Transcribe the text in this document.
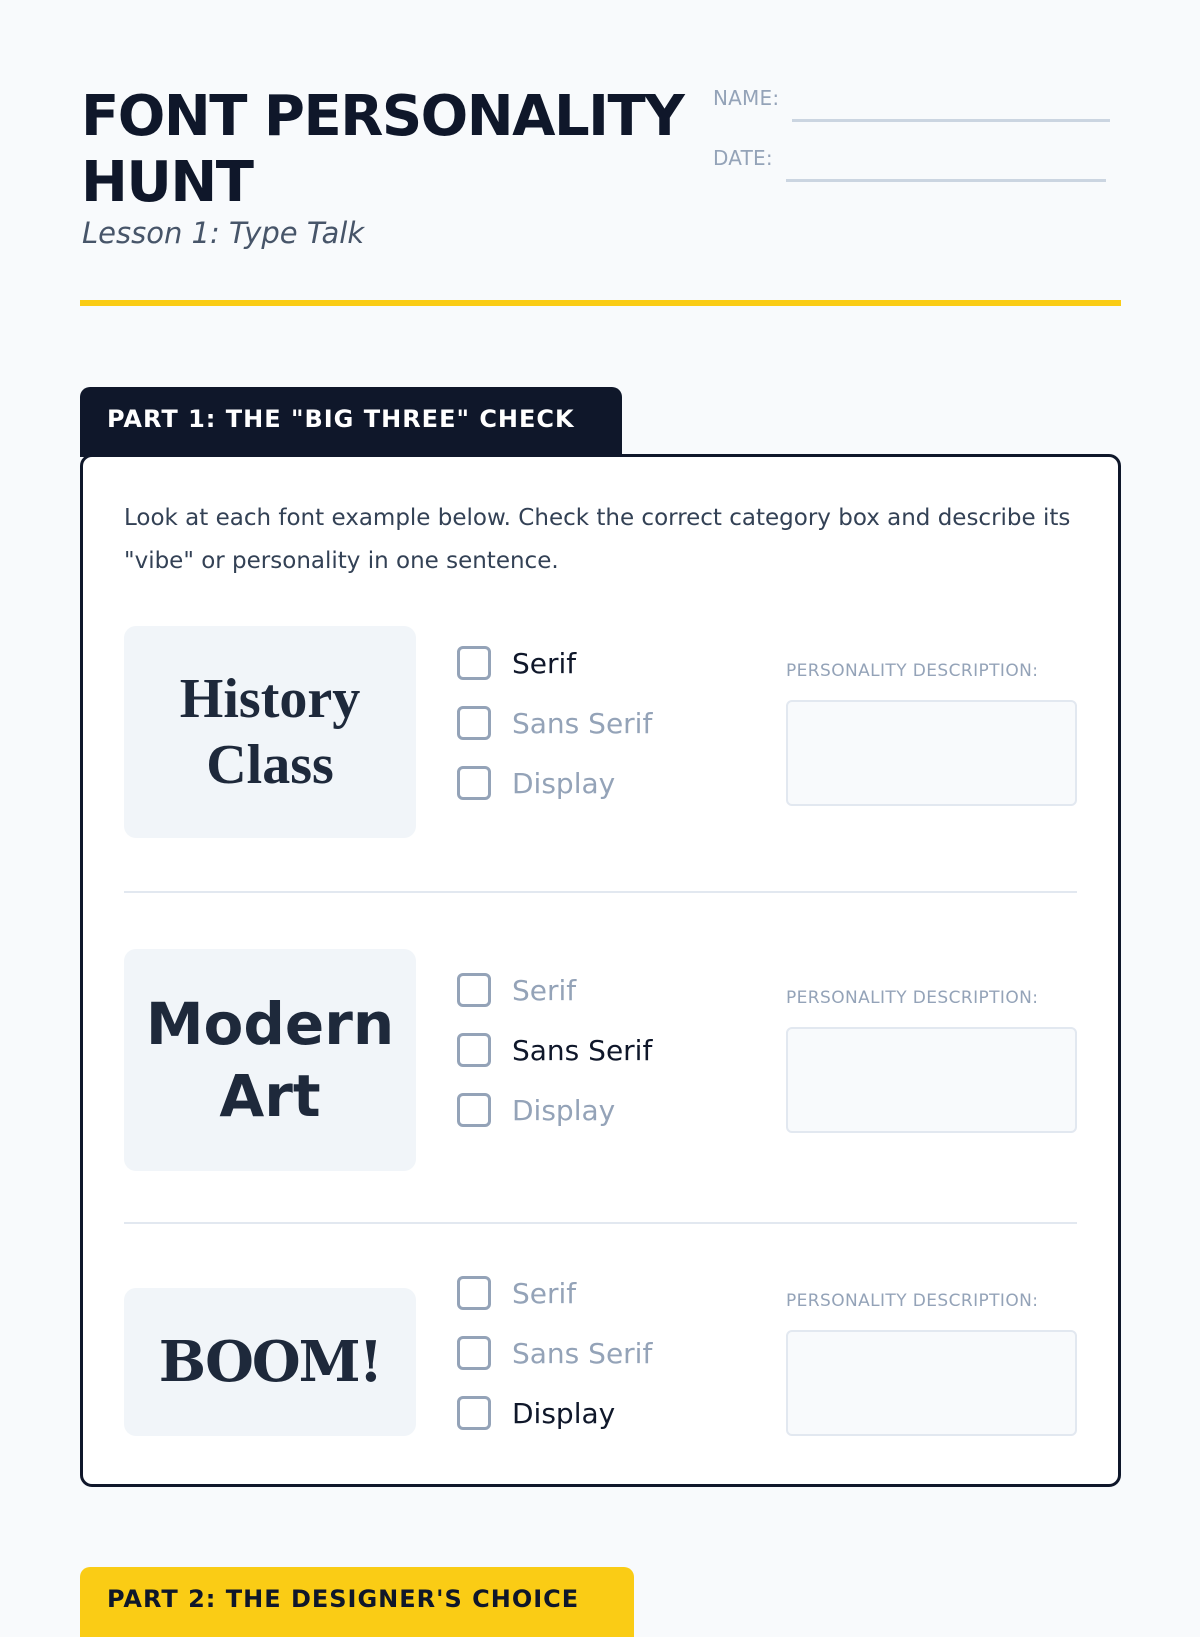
FONT PERSONALITY HUNT

Lesson 1: Type Talk

NAME:
DATE:
PART 1: THE "BIG THREE" CHECK

Look at each font example below. Check the correct category box and describe its "vibe" or personality in one sentence.

History Class
Serif
Sans Serif
Display
PERSONALITY DESCRIPTION:
Modern Art
Serif
Sans Serif
Display
PERSONALITY DESCRIPTION:
BOOM!
Serif
Sans Serif
Display
PERSONALITY DESCRIPTION:
PART 2: THE DESIGNER'S CHOICE
